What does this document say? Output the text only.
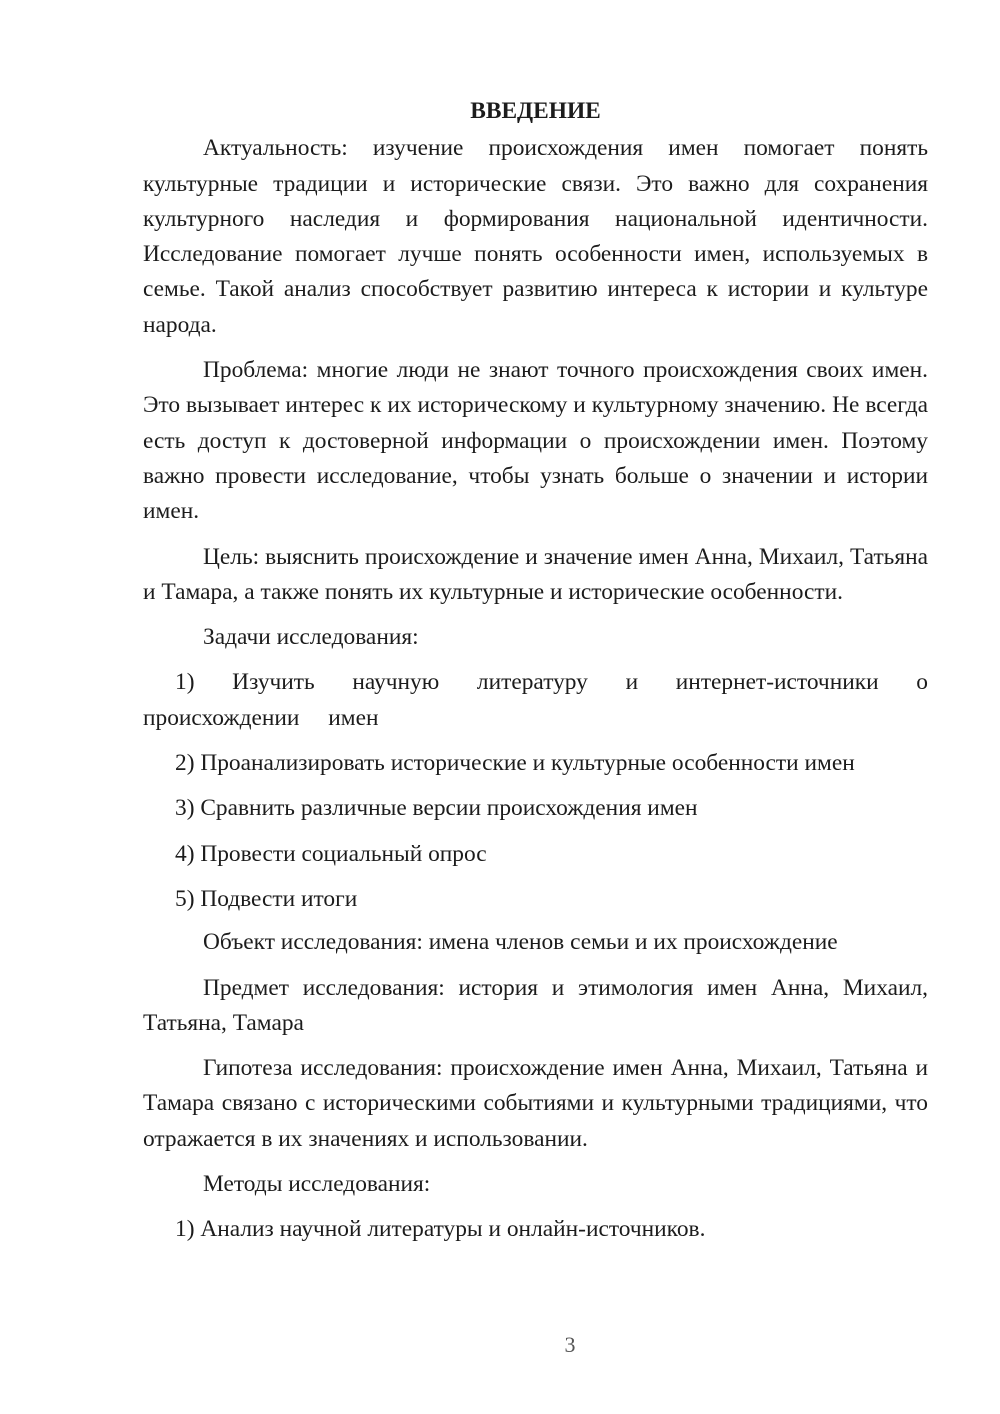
ВВЕДЕНИЕ

Актуальность: изучение происхождения имен помогает понять культурные традиции и исторические связи. Это важно для сохранения культурного наследия и формирования национальной идентичности. Исследование помогает лучше понять особенности имен, используемых в семье. Такой анализ способствует развитию интереса к истории и культуре народа.

Проблема: многие люди не знают точного происхождения своих имен. Это вызывает интерес к их историческому и культурному значению. Не всегда есть доступ к достоверной информации о происхождении имен. Поэтому важно провести исследование, чтобы узнать больше о значении и истории имен.

Цель: выяснить происхождение и значение имен Анна, Михаил, Татьяна и Тамара, а также понять их культурные и исторические особенности.

Задачи исследования:

1) Изучить научную литературу и интернет-источники о происхождении имен

2) Проанализировать исторические и культурные особенности имен

3) Сравнить различные версии происхождения имен

4) Провести социальный опрос

5) Подвести итоги

Объект исследования: имена членов семьи и их происхождение

Предмет исследования: история и этимология имен Анна, Михаил, Татьяна, Тамара

Гипотеза исследования: происхождение имен Анна, Михаил, Татьяна и Тамара связано с историческими событиями и культурными традициями, что отражается в их значениях и использовании.

Методы исследования:

1) Анализ научной литературы и онлайн-источников.

3
